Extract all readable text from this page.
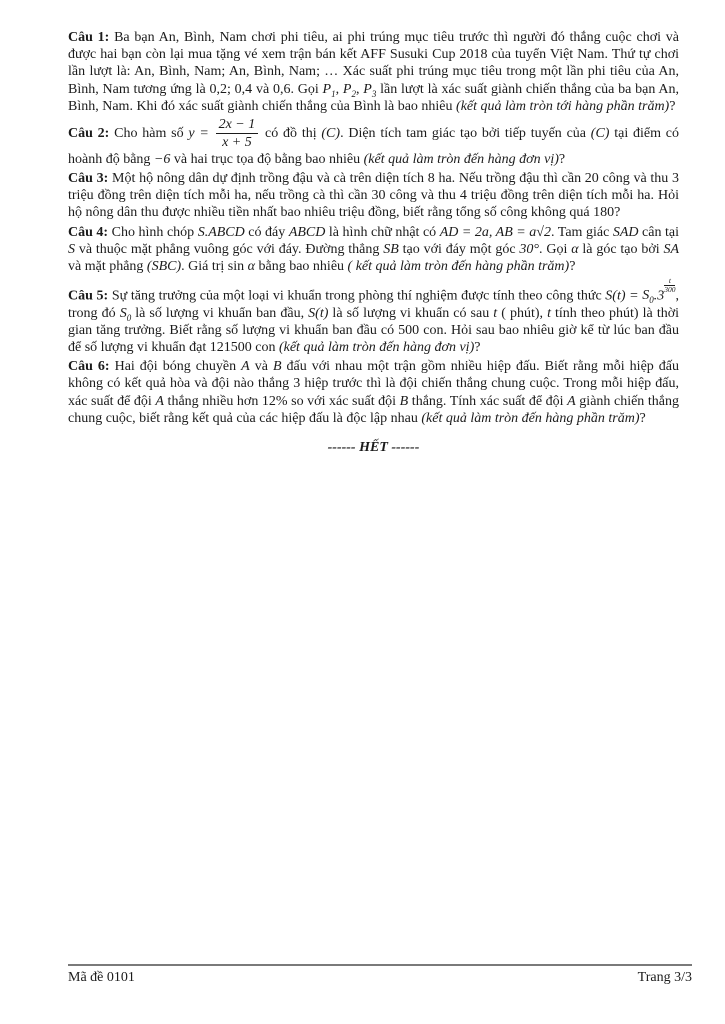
Câu 1: Ba bạn An, Bình, Nam chơi phi tiêu, ai phi trúng mục tiêu trước thì người đó thắng cuộc chơi và được hai bạn còn lại mua tặng vé xem trận bán kết AFF Susuki Cup 2018 của tuyển Việt Nam. Thứ tự chơi lần lượt là: An, Bình, Nam; An, Bình, Nam; … Xác suất phi trúng mục tiêu trong một lần phi tiêu của An, Bình, Nam tương ứng là 0,2; 0,4 và 0,6. Gọi $P_1$, $P_2$, $P_3$ lần lượt là xác suất giành chiến thắng của ba bạn An, Bình, Nam. Khi đó xác suất giành chiến thắng của Bình là bao nhiêu (kết quả làm tròn tới hàng phần trăm)?

Câu 2: Cho hàm số $y = \frac{2x - 1}{x + 5}$ có đồ thị (C). Diện tích tam giác tạo bởi tiếp tuyến của (C) tại điểm có hoành độ bằng −6 và hai trục tọa độ bằng bao nhiêu (kết quả làm tròn đến hàng đơn vị)?

Câu 3: Một hộ nông dân dự định trồng đậu và cà trên diện tích 8 ha. Nếu trồng đậu thì cần 20 công và thu 3 triệu đồng trên diện tích mỗi ha, nếu trồng cà thì cần 30 công và thu 4 triệu đồng trên diện tích mỗi ha. Hỏi hộ nông dân thu được nhiều tiền nhất bao nhiêu triệu đồng, biết rằng tổng số công không quá 180?

Câu 4: Cho hình chóp S.ABCD có đáy ABCD là hình chữ nhật có AD = 2a, AB = a√2. Tam giác SAD cân tại S và thuộc mặt phẳng vuông góc với đáy. Đường thẳng SB tạo với đáy một góc 30°. Gọi α là góc tạo bởi SA và mặt phẳng (SBC). Giá trị sin α bằng bao nhiêu ( kết quả làm tròn đến hàng phần trăm)?

Câu 5: Sự tăng trưởng của một loại vi khuẩn trong phòng thí nghiệm được tính theo công thức $S(t) = S_0.3$
$\frac{t}{300}$
, trong đó $S_0$ là số lượng vi khuẩn ban đầu, S(t) là số lượng vi khuẩn có sau t ( phút), t tính theo phút) là thời gian tăng trưởng. Biết rằng số lượng vi khuẩn ban đầu có 500 con. Hỏi sau bao nhiêu giờ kể từ lúc ban đầu để số lượng vi khuẩn đạt 121500 con (kết quả làm tròn đến hàng đơn vị)?

Câu 6: Hai đội bóng chuyền A và B đấu với nhau một trận gồm nhiều hiệp đấu. Biết rằng mỗi hiệp đấu không có kết quả hòa và đội nào thắng 3 hiệp trước thì là đội chiến thắng chung cuộc. Trong mỗi hiệp đấu, xác suất để đội A thắng nhiều hơn 12% so với xác suất đội B thắng. Tính xác suất để đội A giành chiến thắng chung cuộc, biết rằng kết quả của các hiệp đấu là độc lập nhau (kết quả làm tròn đến hàng phần trăm)?

------ HẾT ------

Mã đề 0101	Trang 3/3
